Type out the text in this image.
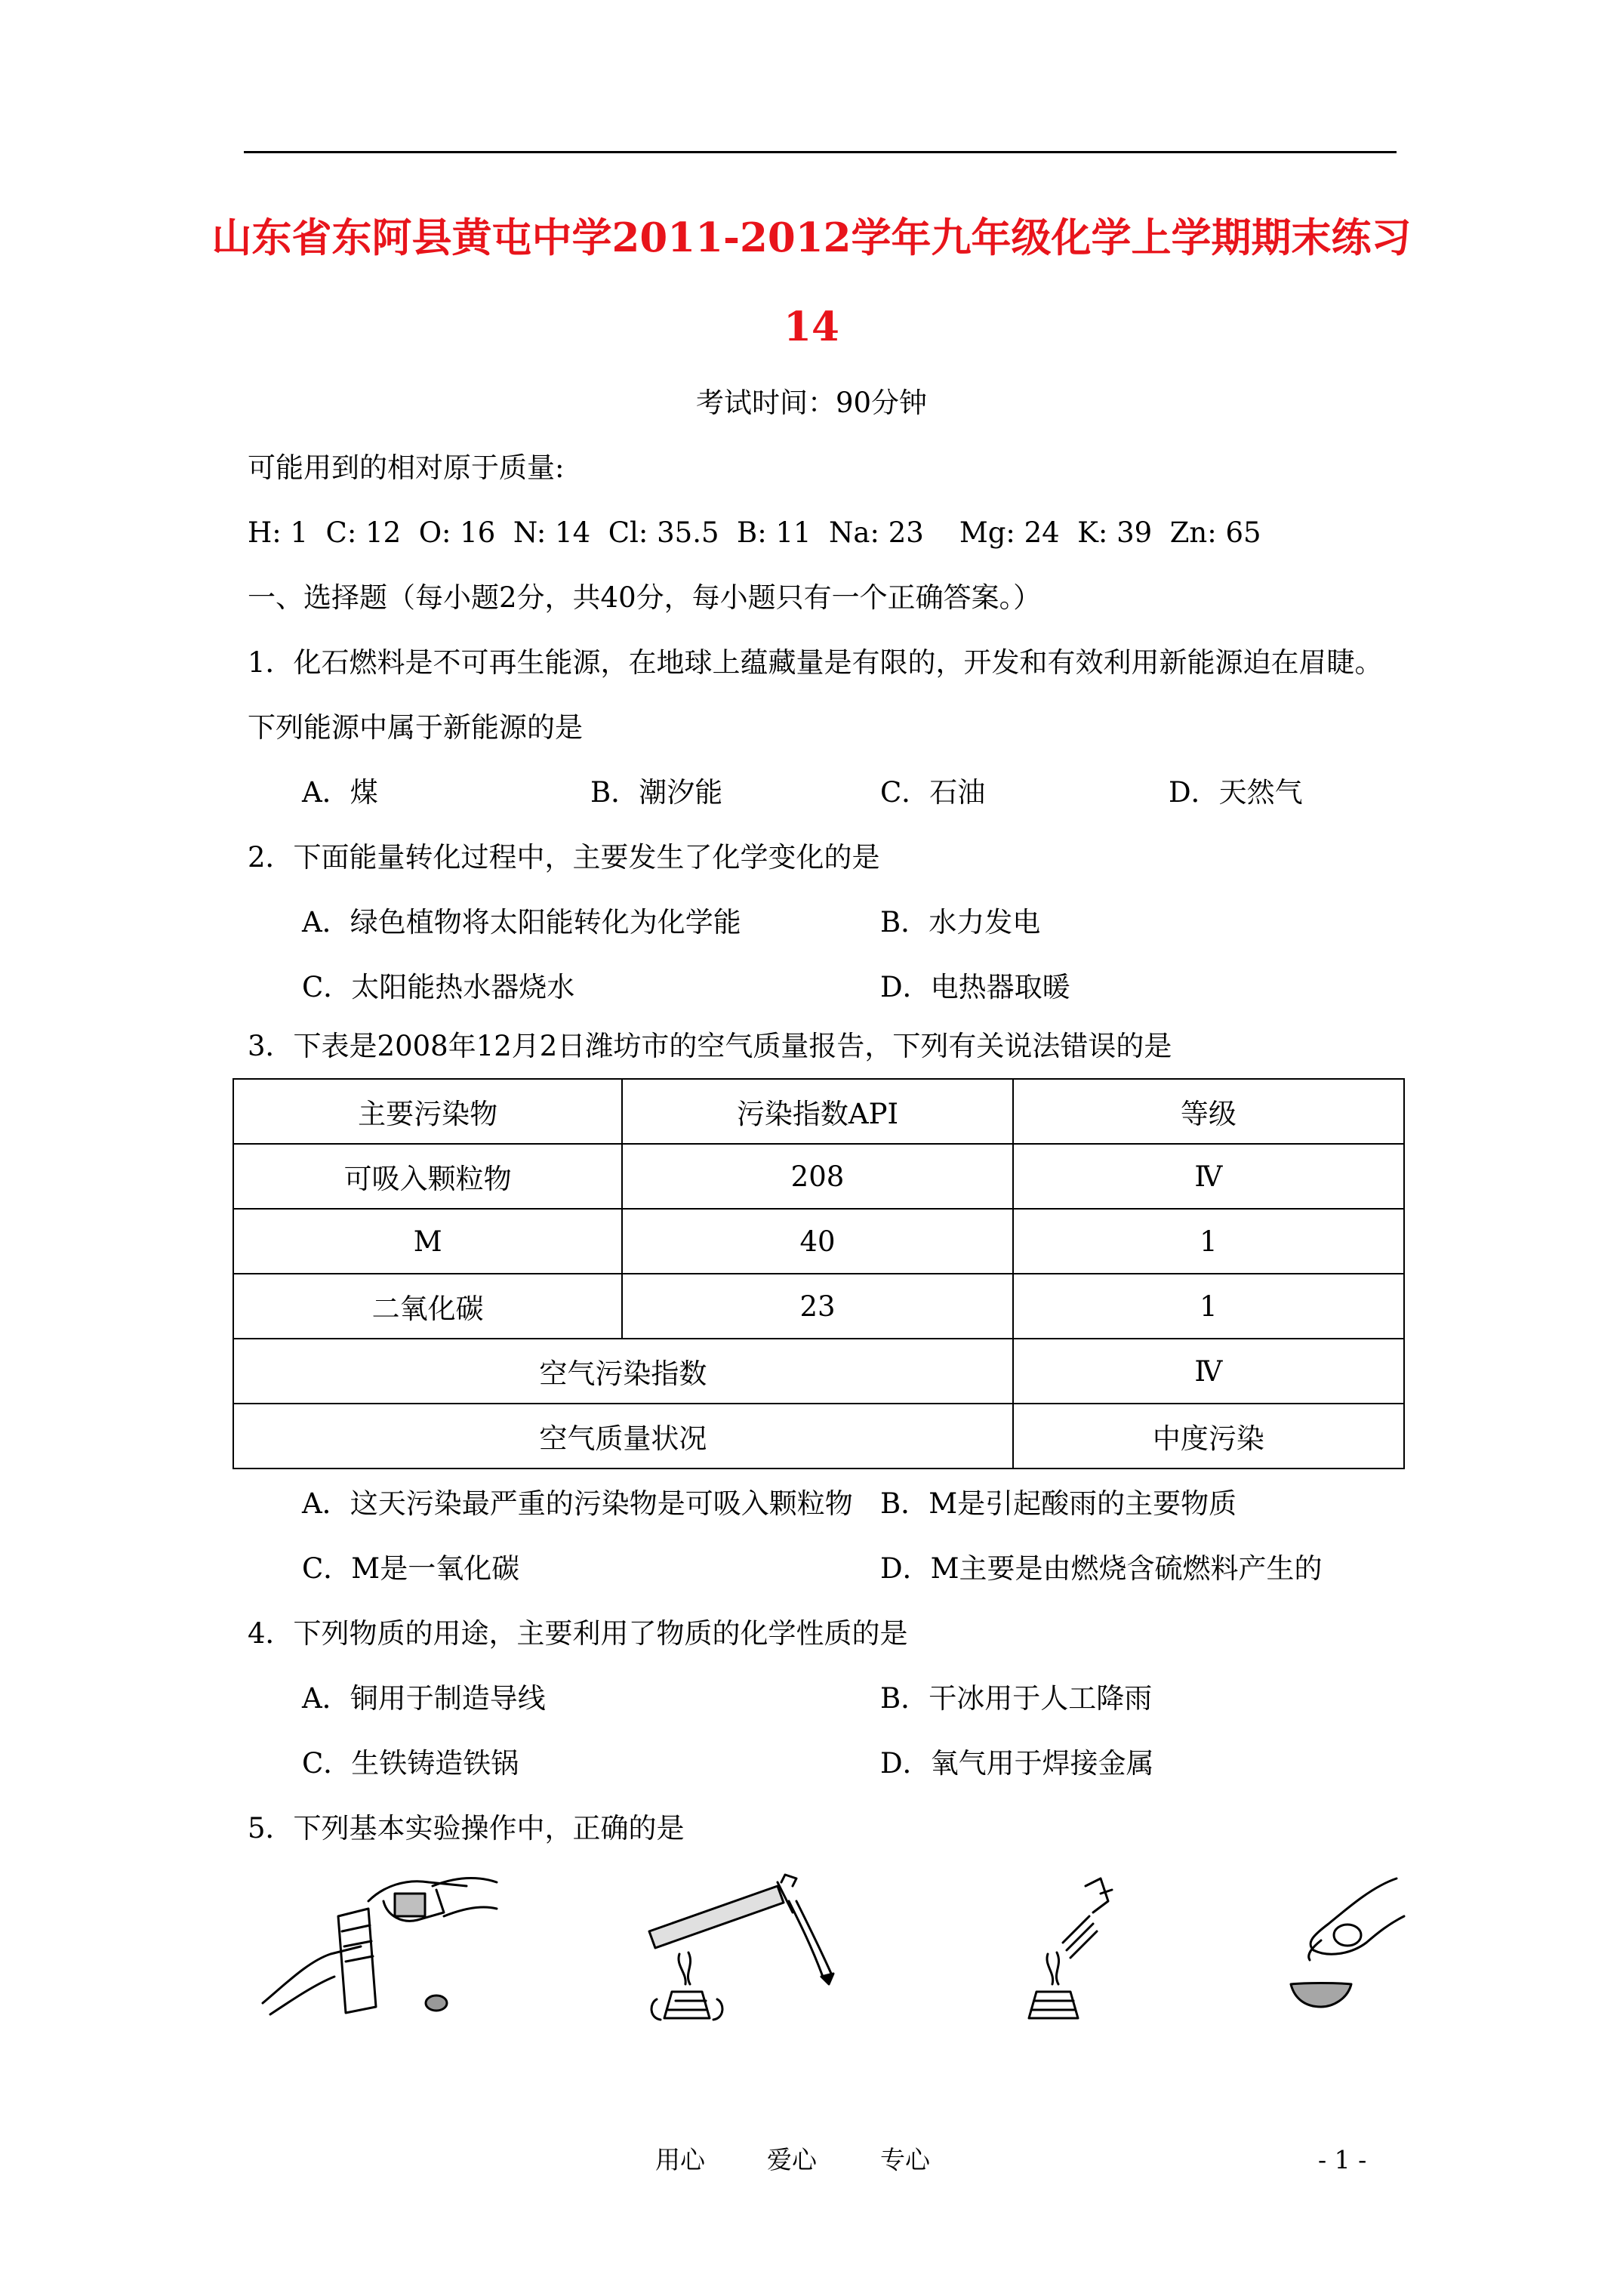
山东省东阿县黄屯中学2011-2012学年九年级化学上学期期末练习
14
考试时间：90分钟
可能用到的相对原于质量:
H: 1  C: 12  O: 16  N: 14  Cl: 35.5  B: 11  Na: 23    Mg: 24  K: 39  Zn: 65
一、选择题（每小题2分，共40分，每小题只有一个正确答案。）
1．化石燃料是不可再生能源，在地球上蕴藏量是有限的，开发和有效利用新能源迫在眉睫。
下列能源中属于新能源的是
A．煤	B．潮汐能	C．石油	D．天然气
2．下面能量转化过程中，主要发生了化学变化的是
A．绿色植物将太阳能转化为化学能	B．水力发电
C．太阳能热水器烧水	D．电热器取暖
3．下表是2008年12月2日潍坊市的空气质量报告，下列有关说法错误的是
主要污染物	污染指数API	等级
可吸入颗粒物	208	Ⅳ
M	40	1
二氧化碳	23	1
空气污染指数		Ⅳ
空气质量状况		中度污染
A．这天污染最严重的污染物是可吸入颗粒物 B．M是引起酸雨的主要物质
C．M是一氧化碳	D．M主要是由燃烧含硫燃料产生的
4．下列物质的用途，主要利用了物质的化学性质的是
A．铜用于制造导线	B．干冰用于人工降雨
C．生铁铸造铁锅	D．氧气用于焊接金属
5．下列基本实验操作中，正确的是
用心 爱心	专心	- 1 -
